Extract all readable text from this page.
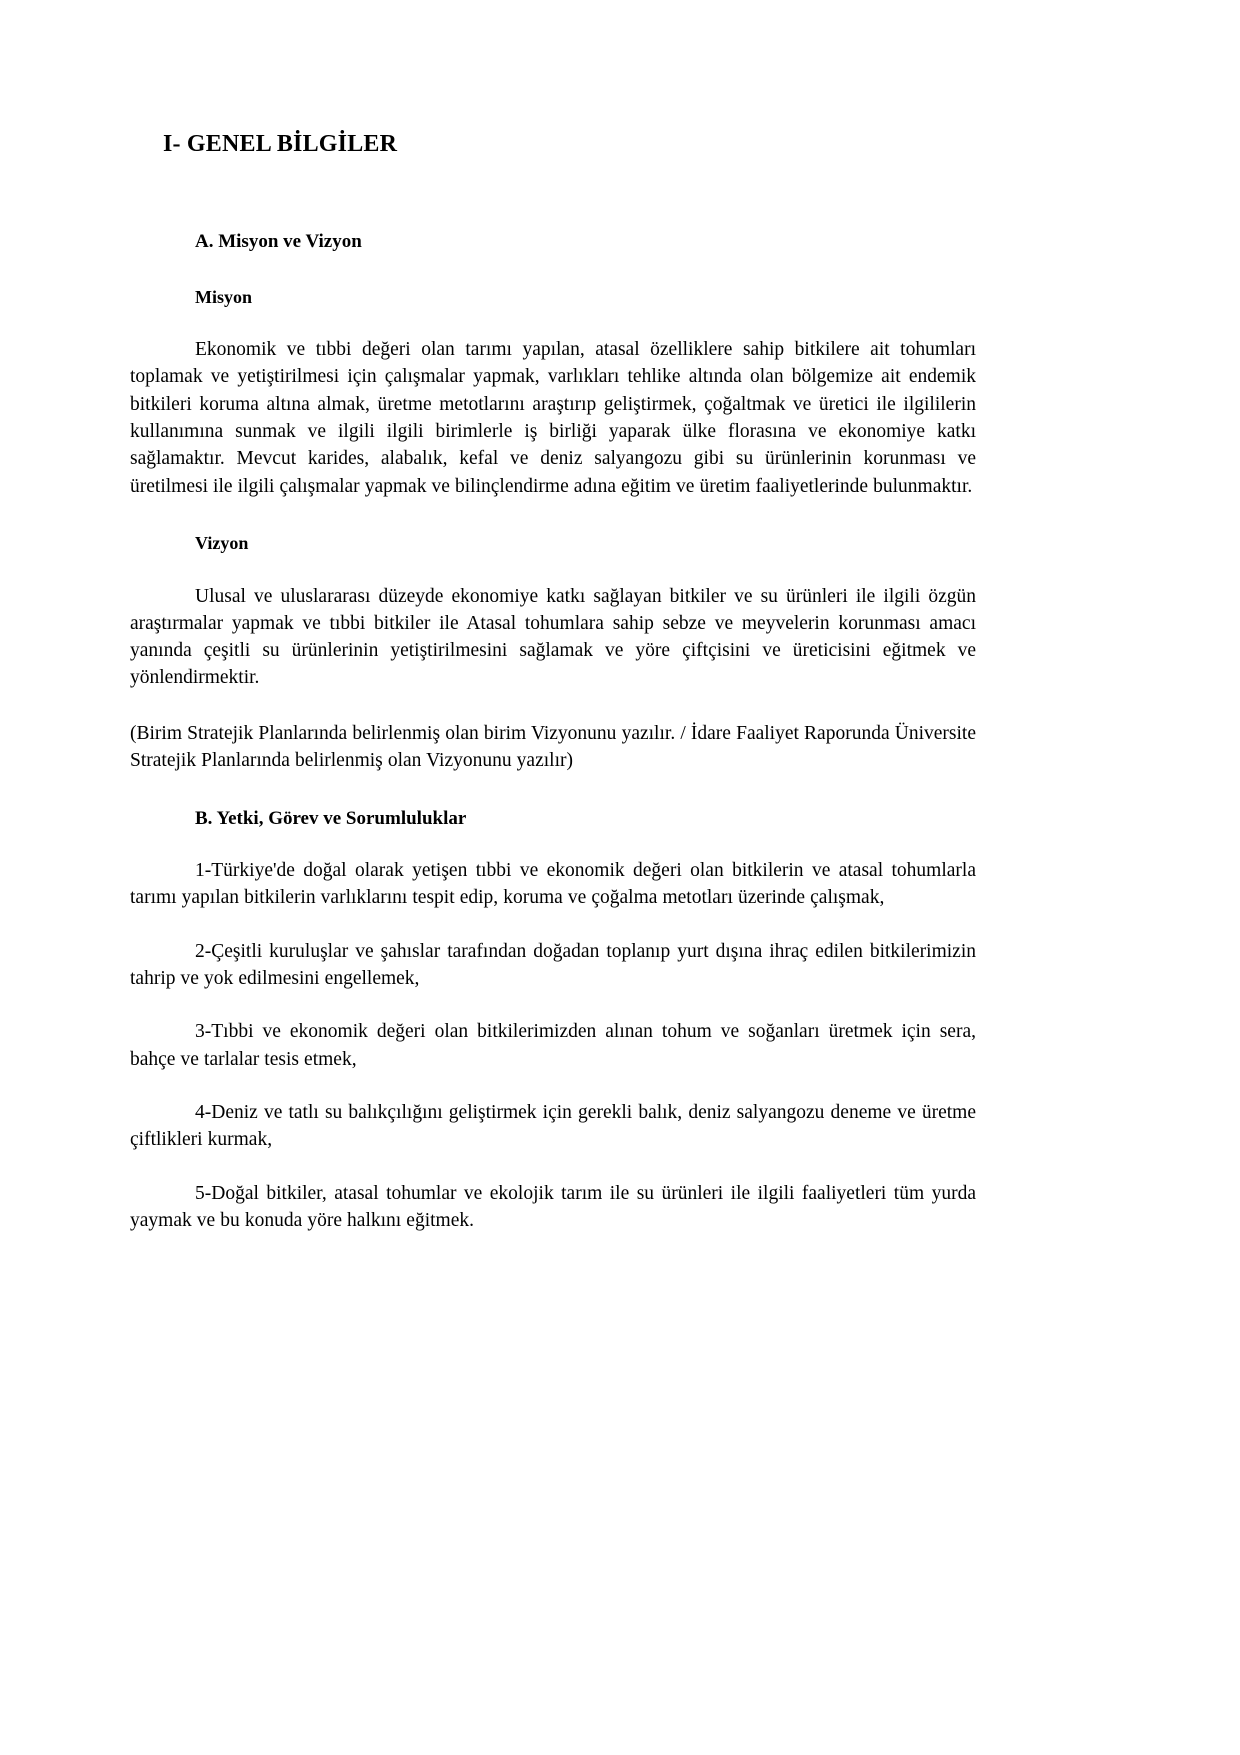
I- GENEL BİLGİLER
A. Misyon ve Vizyon
Misyon

Ekonomik ve tıbbi değeri olan tarımı yapılan, atasal özelliklere sahip bitkilere ait tohumları toplamak ve yetiştirilmesi için çalışmalar yapmak, varlıkları tehlike altında olan bölgemize ait endemik bitkileri koruma altına almak, üretme metotlarını araştırıp geliştirmek, çoğaltmak ve üretici ile ilgililerin kullanımına sunmak ve ilgili ilgili birimlerle iş birliği yaparak ülke florasına ve ekonomiye katkı sağlamaktır. Mevcut karides, alabalık, kefal ve deniz salyangozu gibi su ürünlerinin korunması ve üretilmesi ile ilgili çalışmalar yapmak ve bilinçlendirme adına eğitim ve üretim faaliyetlerinde bulunmaktır.

Vizyon

Ulusal ve uluslararası düzeyde ekonomiye katkı sağlayan bitkiler ve su ürünleri ile ilgili özgün araştırmalar yapmak ve tıbbi bitkiler ile Atasal tohumlara sahip sebze ve meyvelerin korunması amacı yanında çeşitli su ürünlerinin yetiştirilmesini sağlamak ve yöre çiftçisini ve üreticisini eğitmek ve yönlendirmektir.

(Birim Stratejik Planlarında belirlenmiş olan birim Vizyonunu yazılır. / İdare Faaliyet Raporunda Üniversite Stratejik Planlarında belirlenmiş olan Vizyonunu yazılır)

B. Yetki, Görev ve Sorumluluklar

1-Türkiye'de doğal olarak yetişen tıbbi ve ekonomik değeri olan bitkilerin ve atasal tohumlarla tarımı yapılan bitkilerin varlıklarını tespit edip, koruma ve çoğalma metotları üzerinde çalışmak,

2-Çeşitli kuruluşlar ve şahıslar tarafından doğadan toplanıp yurt dışına ihraç edilen bitkilerimizin tahrip ve yok edilmesini engellemek,

3-Tıbbi ve ekonomik değeri olan bitkilerimizden alınan tohum ve soğanları üretmek için sera, bahçe ve tarlalar tesis etmek,

4-Deniz ve tatlı su balıkçılığını geliştirmek için gerekli balık, deniz salyangozu deneme ve üretme çiftlikleri kurmak,

5-Doğal bitkiler, atasal tohumlar ve ekolojik tarım ile su ürünleri ile ilgili faaliyetleri tüm yurda yaymak ve bu konuda yöre halkını eğitmek.
